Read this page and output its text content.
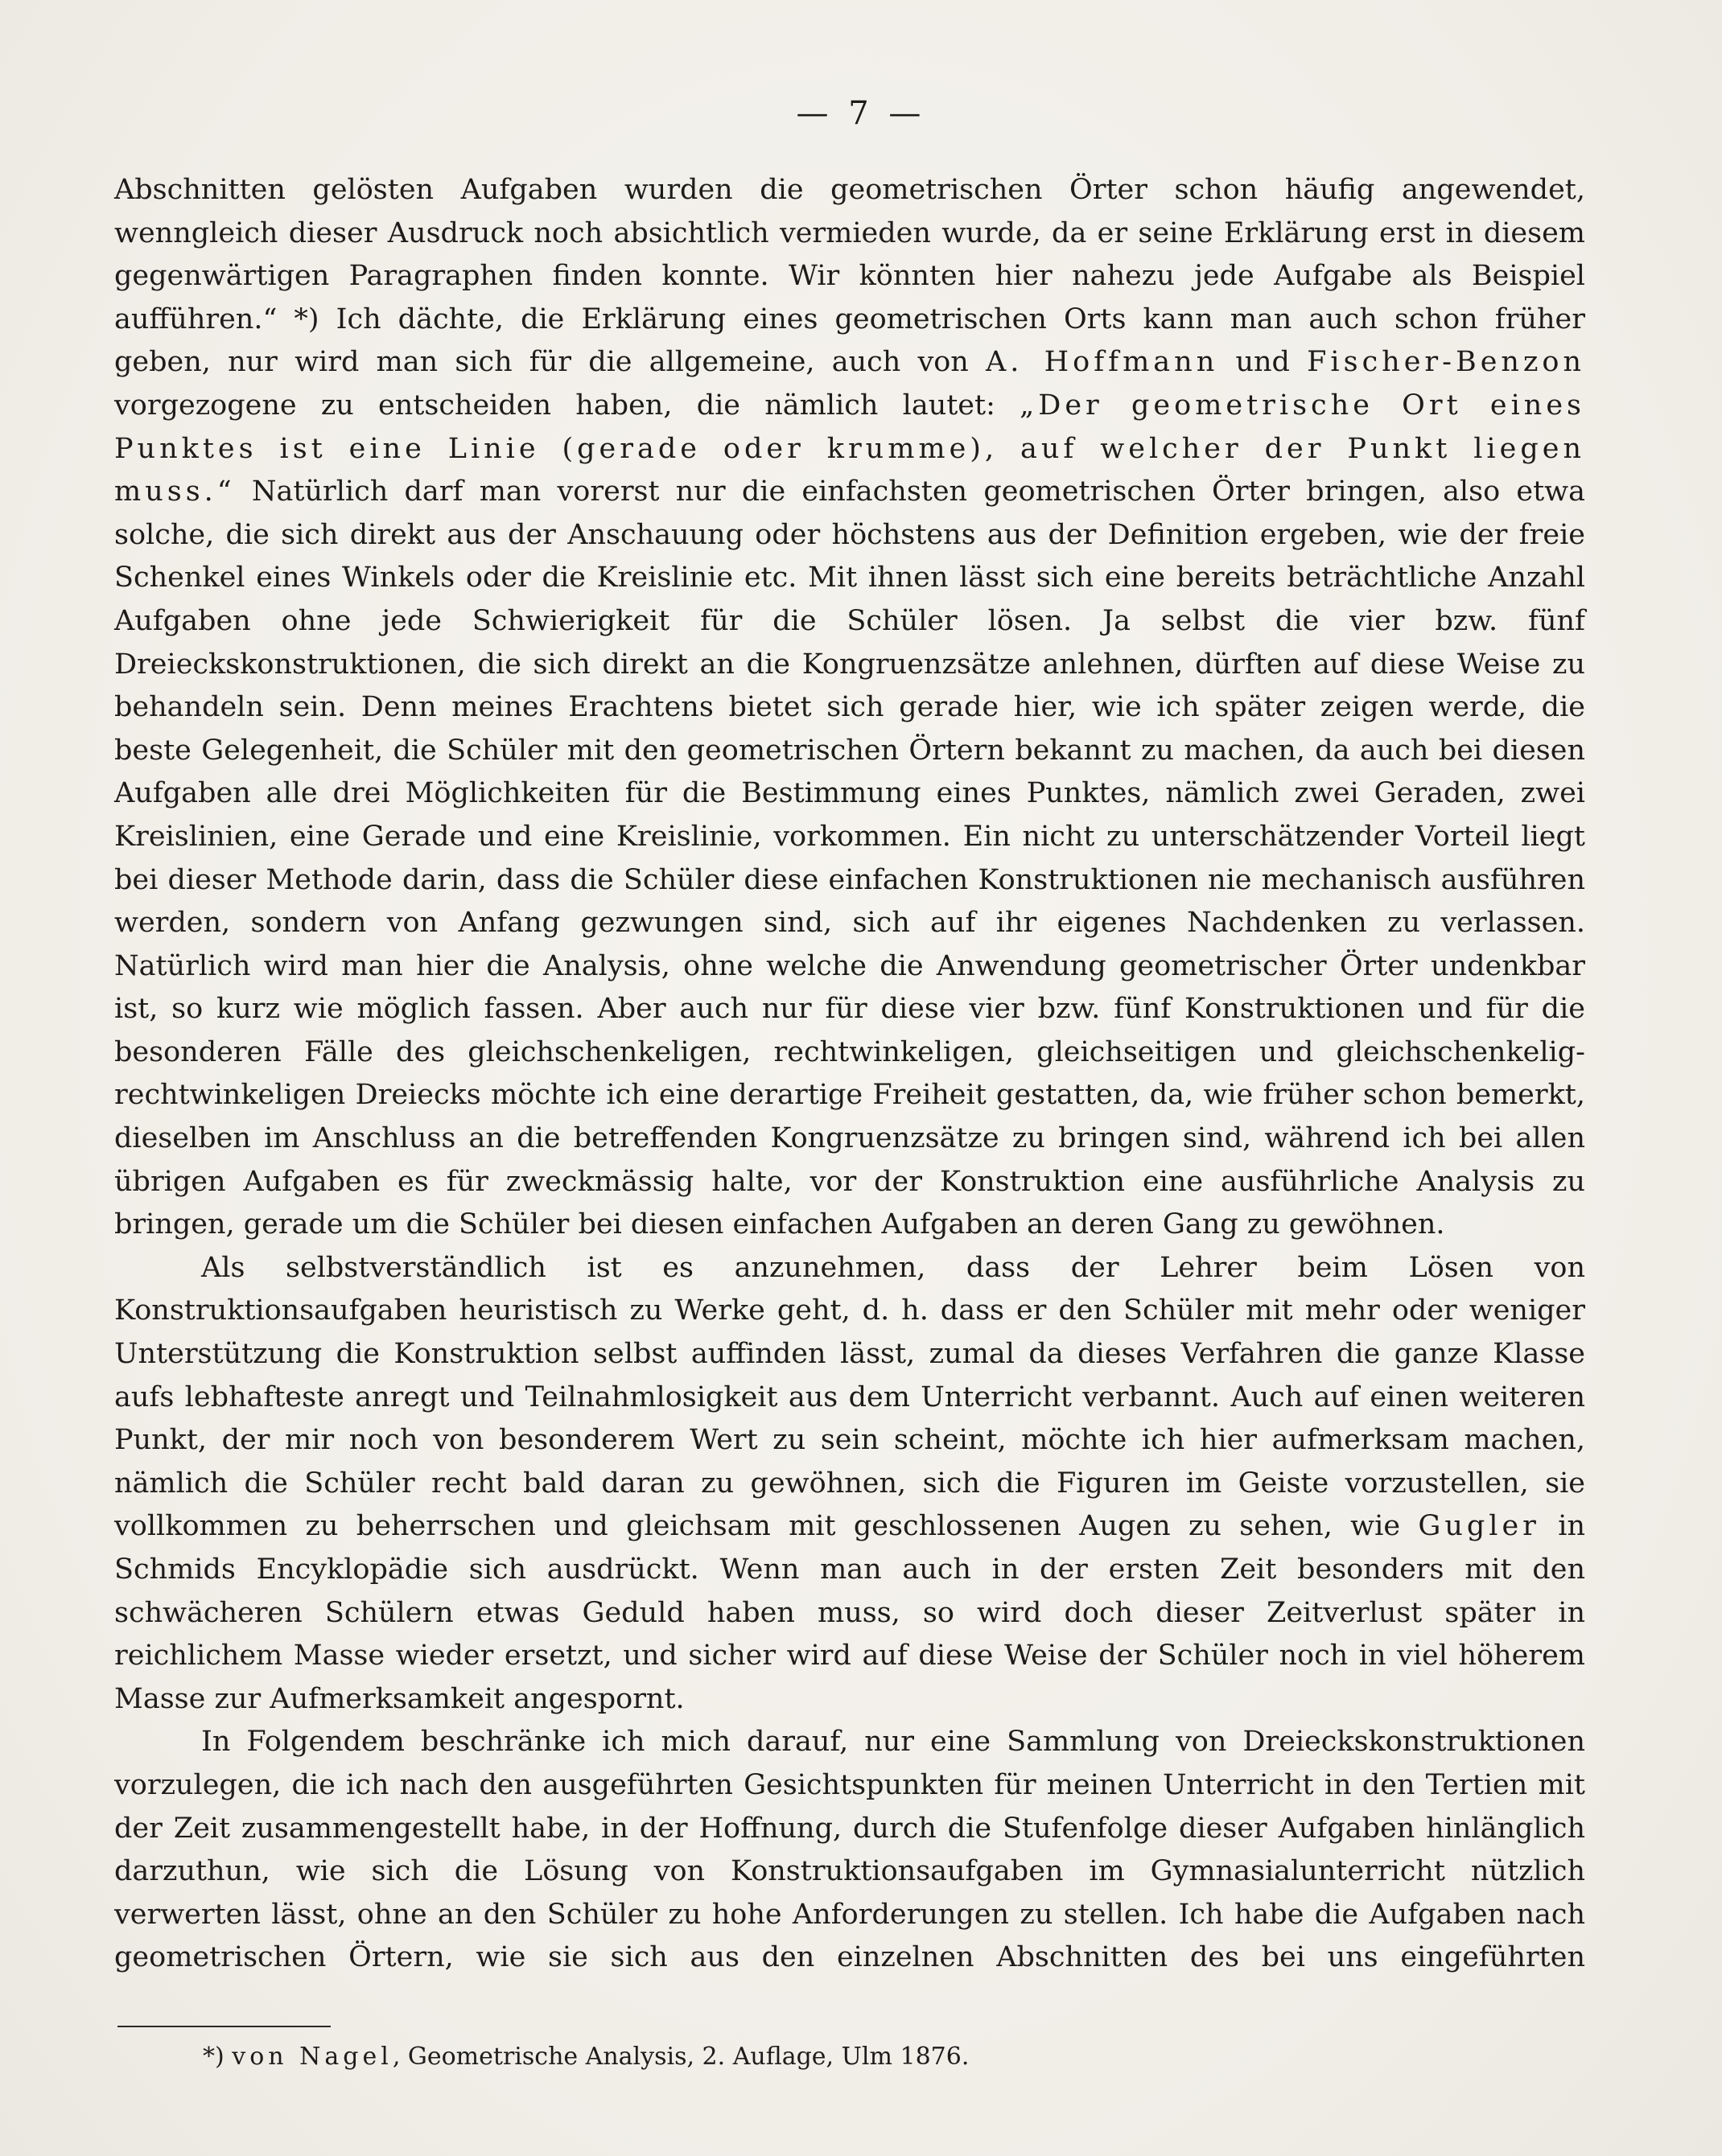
— 7 —

Abschnitten gelösten Aufgaben wurden die geometrischen Örter schon häufig angewendet, wenngleich dieser Ausdruck noch absichtlich vermieden wurde, da er seine Erklärung erst in diesem gegenwärtigen Paragraphen finden konnte. Wir könnten hier nahezu jede Aufgabe als Beispiel aufführen.“ *) Ich dächte, die Erklärung eines geometrischen Orts kann man auch schon früher geben, nur wird man sich für die allgemeine, auch von A. Hoffmann und Fischer-Benzon vorgezogene zu entscheiden haben, die nämlich lautet: „Der geometrische Ort eines Punktes ist eine Linie (gerade oder krumme), auf welcher der Punkt liegen muss.“ Natürlich darf man vorerst nur die einfachsten geometrischen Örter bringen, also etwa solche, die sich direkt aus der Anschauung oder höchstens aus der Definition ergeben, wie der freie Schenkel eines Winkels oder die Kreislinie etc. Mit ihnen lässt sich eine bereits beträchtliche Anzahl Aufgaben ohne jede Schwierigkeit für die Schüler lösen. Ja selbst die vier bzw. fünf Dreieckskonstruktionen, die sich direkt an die Kongruenzsätze anlehnen, dürften auf diese Weise zu behandeln sein. Denn meines Erachtens bietet sich gerade hier, wie ich später zeigen werde, die beste Gelegenheit, die Schüler mit den geometrischen Örtern bekannt zu machen, da auch bei diesen Aufgaben alle drei Möglichkeiten für die Bestimmung eines Punktes, nämlich zwei Geraden, zwei Kreislinien, eine Gerade und eine Kreislinie, vorkommen. Ein nicht zu unterschätzender Vorteil liegt bei dieser Methode darin, dass die Schüler diese einfachen Konstruktionen nie mechanisch ausführen werden, sondern von Anfang gezwungen sind, sich auf ihr eigenes Nachdenken zu verlassen. Natürlich wird man hier die Analysis, ohne welche die Anwendung geometrischer Örter undenkbar ist, so kurz wie möglich fassen. Aber auch nur für diese vier bzw. fünf Konstruktionen und für die besonderen Fälle des gleichschenkeligen, rechtwinkeligen, gleichseitigen und gleichschenkelig-rechtwinkeligen Dreiecks möchte ich eine derartige Freiheit gestatten, da, wie früher schon bemerkt, dieselben im Anschluss an die betreffenden Kongruenzsätze zu bringen sind, während ich bei allen übrigen Aufgaben es für zweckmässig halte, vor der Konstruktion eine ausführliche Analysis zu bringen, gerade um die Schüler bei diesen einfachen Aufgaben an deren Gang zu gewöhnen.

Als selbstverständlich ist es anzunehmen, dass der Lehrer beim Lösen von Konstruktionsaufgaben heuristisch zu Werke geht, d. h. dass er den Schüler mit mehr oder weniger Unterstützung die Konstruktion selbst auffinden lässt, zumal da dieses Verfahren die ganze Klasse aufs lebhafteste anregt und Teilnahmlosigkeit aus dem Unterricht verbannt. Auch auf einen weiteren Punkt, der mir noch von besonderem Wert zu sein scheint, möchte ich hier aufmerksam machen, nämlich die Schüler recht bald daran zu gewöhnen, sich die Figuren im Geiste vorzustellen, sie vollkommen zu beherrschen und gleichsam mit geschlossenen Augen zu sehen, wie Gugler in Schmids Encyklopädie sich ausdrückt. Wenn man auch in der ersten Zeit besonders mit den schwächeren Schülern etwas Geduld haben muss, so wird doch dieser Zeitverlust später in reichlichem Masse wieder ersetzt, und sicher wird auf diese Weise der Schüler noch in viel höherem Masse zur Aufmerksamkeit angespornt.

In Folgendem beschränke ich mich darauf, nur eine Sammlung von Dreieckskonstruktionen vorzulegen, die ich nach den ausgeführten Gesichtspunkten für meinen Unterricht in den Tertien mit der Zeit zusammengestellt habe, in der Hoffnung, durch die Stufenfolge dieser Aufgaben hinlänglich darzuthun, wie sich die Lösung von Konstruktionsaufgaben im Gymnasialunterricht nützlich verwerten lässt, ohne an den Schüler zu hohe Anforderungen zu stellen. Ich habe die Aufgaben nach geometrischen Örtern, wie sie sich aus den einzelnen Abschnitten des bei uns eingeführten

*) von Nagel, Geometrische Analysis, 2. Auflage, Ulm 1876.
